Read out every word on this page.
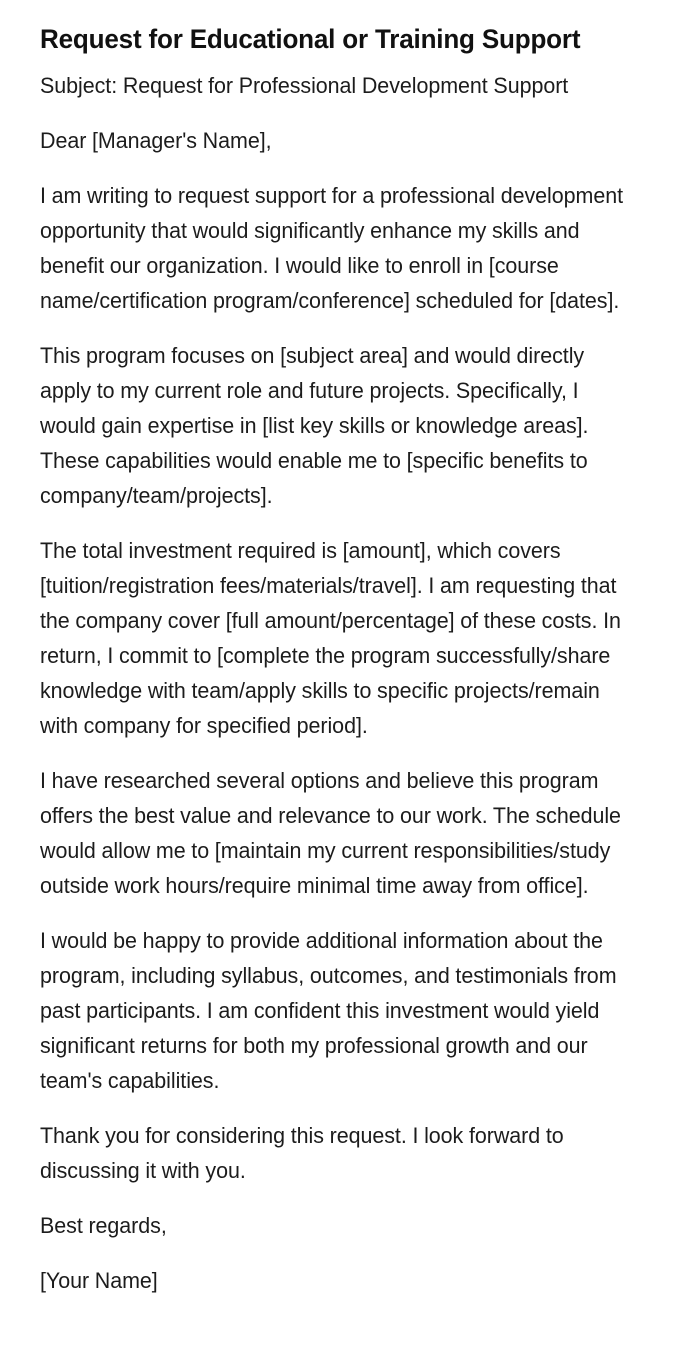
Request for Educational or Training Support

Subject: Request for Professional Development Support

Dear [Manager's Name],

I am writing to request support for a professional development opportunity that would significantly enhance my skills and benefit our organization. I would like to enroll in [course name/certification program/conference] scheduled for [dates].

This program focuses on [subject area] and would directly apply to my current role and future projects. Specifically, I would gain expertise in [list key skills or knowledge areas]. These capabilities would enable me to [specific benefits to company/team/projects].

The total investment required is [amount], which covers [tuition/registration fees/materials/travel]. I am requesting that the company cover [full amount/percentage] of these costs. In return, I commit to [complete the program successfully/share knowledge with team/apply skills to specific projects/remain with company for specified period].

I have researched several options and believe this program offers the best value and relevance to our work. The schedule would allow me to [maintain my current responsibilities/study outside work hours/require minimal time away from office].

I would be happy to provide additional information about the program, including syllabus, outcomes, and testimonials from past participants. I am confident this investment would yield significant returns for both my professional growth and our team's capabilities.

Thank you for considering this request. I look forward to discussing it with you.

Best regards,

[Your Name]
